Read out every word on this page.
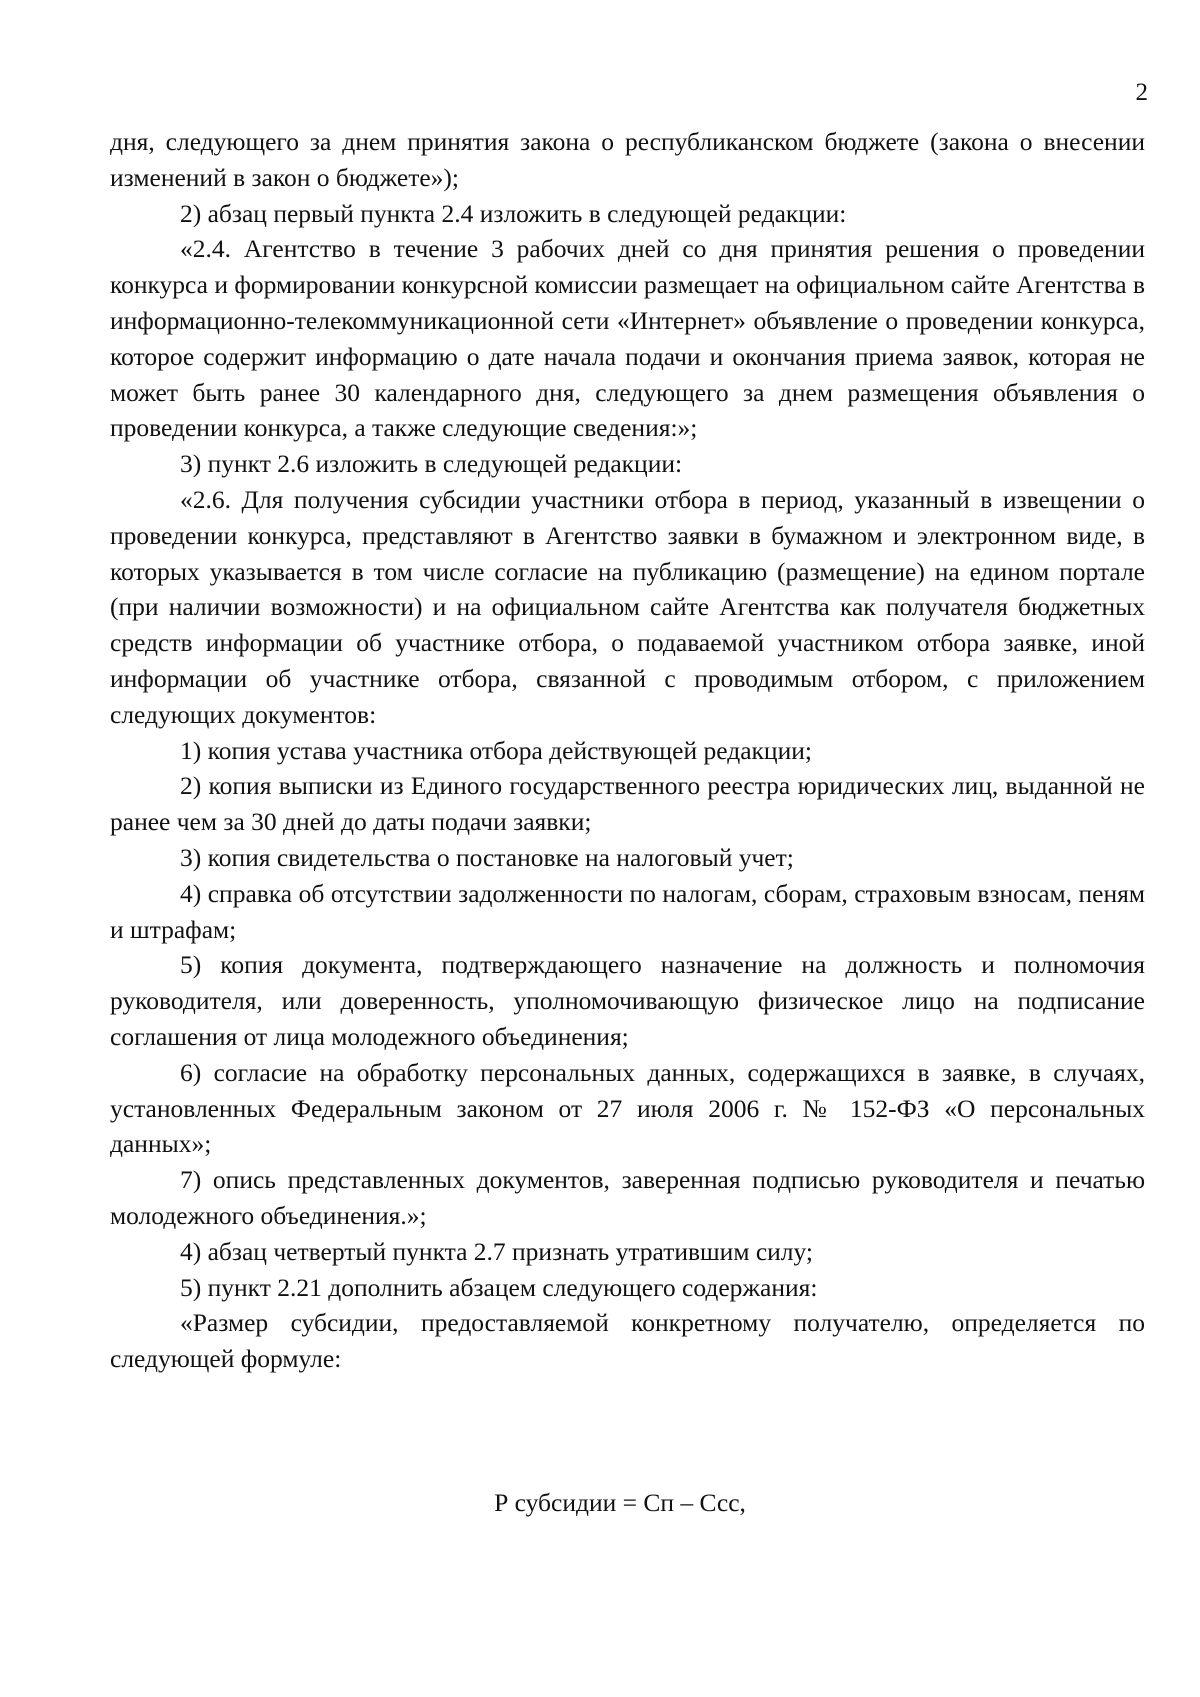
2

дня, следующего за днем принятия закона о республиканском бюджете (закона о внесении изменений в закон о бюджете»);

2) абзац первый пункта 2.4 изложить в следующей редакции:

«2.4. Агентство в течение 3 рабочих дней со дня принятия решения о проведении конкурса и формировании конкурсной комиссии размещает на официальном сайте Агентства в информационно-телекоммуникационной сети «Интернет» объявление о проведении конкурса, которое содержит информацию о дате начала подачи и окончания приема заявок, которая не может быть ранее 30 календарного дня, следующего за днем размещения объявления о проведении конкурса, а также следующие сведения:»;

3) пункт 2.6 изложить в следующей редакции:

«2.6. Для получения субсидии участники отбора в период, указанный в извещении о проведении конкурса, представляют в Агентство заявки в бумажном и электронном виде, в которых указывается в том числе согласие на публикацию (размещение) на едином портале (при наличии возможности) и на официальном сайте Агентства как получателя бюджетных средств информации об участнике отбора, о подаваемой участником отбора заявке, иной информации об участнике отбора, связанной с проводимым отбором, с приложением следующих документов:

1) копия устава участника отбора действующей редакции;

2) копия выписки из Единого государственного реестра юридических лиц, выданной не ранее чем за 30 дней до даты подачи заявки;

3) копия свидетельства о постановке на налоговый учет;

4) справка об отсутствии задолженности по налогам, сборам, страховым взносам, пеням и штрафам;

5) копия документа, подтверждающего назначение на должность и полномочия руководителя, или доверенность, уполномочивающую физическое лицо на подписание соглашения от лица молодежного объединения;

6) согласие на обработку персональных данных, содержащихся в заявке, в случаях, установленных Федеральным законом от 27 июля 2006 г. № 152-ФЗ «О персональных данных»;

7) опись представленных документов, заверенная подписью руководителя и печатью молодежного объединения.»;

4) абзац четвертый пункта 2.7 признать утратившим силу;

5) пункт 2.21 дополнить абзацем следующего содержания:

«Размер субсидии, предоставляемой конкретному получателю, определяется по следующей формуле:

Р субсидии = Сп – Ссс,
